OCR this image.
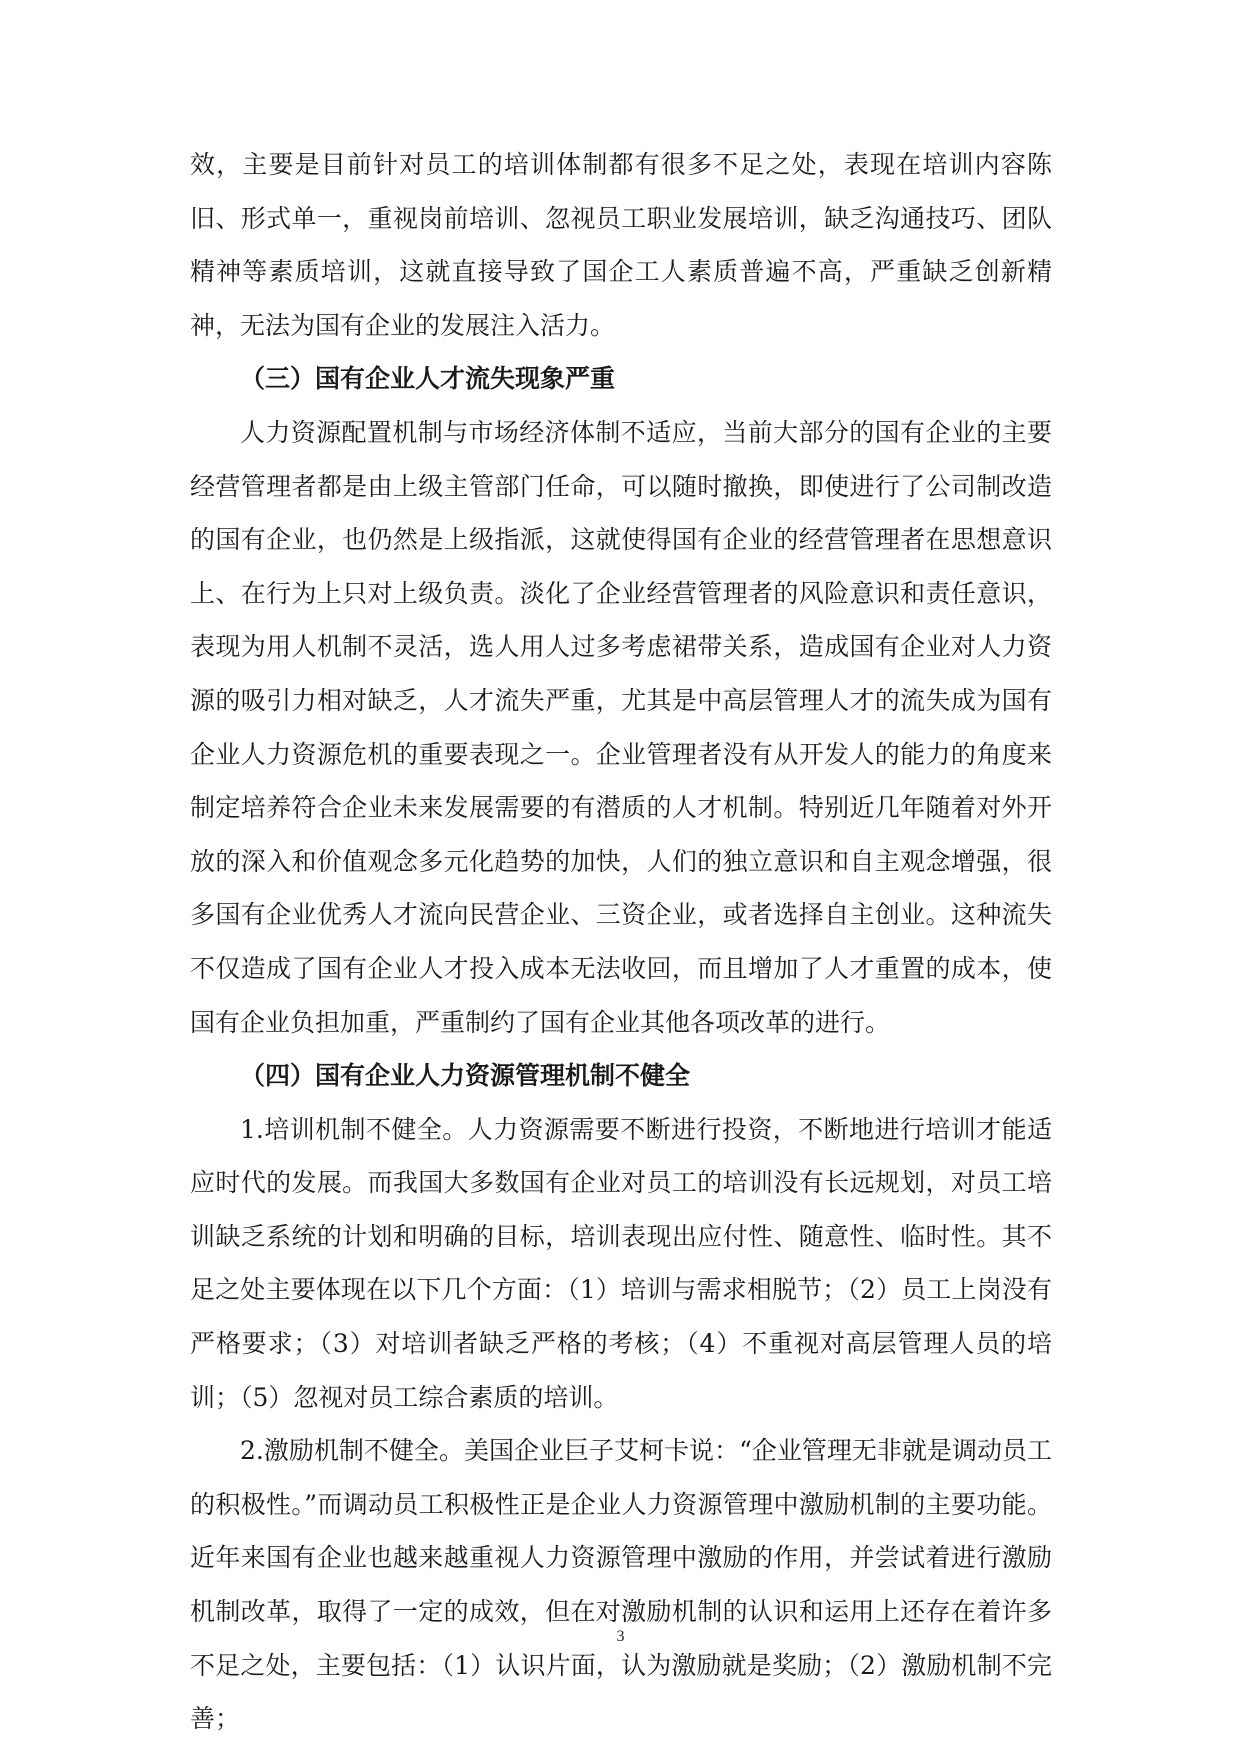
效，主要是目前针对员工的培训体制都有很多不足之处，表现在培训内容陈旧、形式单一，重视岗前培训、忽视员工职业发展培训，缺乏沟通技巧、团队精神等素质培训，这就直接导致了国企工人素质普遍不高，严重缺乏创新精神，无法为国有企业的发展注入活力。

（三）国有企业人才流失现象严重

人力资源配置机制与市场经济体制不适应，当前大部分的国有企业的主要经营管理者都是由上级主管部门任命，可以随时撤换，即使进行了公司制改造的国有企业，也仍然是上级指派，这就使得国有企业的经营管理者在思想意识上、在行为上只对上级负责。淡化了企业经营管理者的风险意识和责任意识，表现为用人机制不灵活，选人用人过多考虑裙带关系，造成国有企业对人力资源的吸引力相对缺乏，人才流失严重，尤其是中高层管理人才的流失成为国有企业人力资源危机的重要表现之一。企业管理者没有从开发人的能力的角度来制定培养符合企业未来发展需要的有潜质的人才机制。特别近几年随着对外开放的深入和价值观念多元化趋势的加快，人们的独立意识和自主观念增强，很多国有企业优秀人才流向民营企业、三资企业，或者选择自主创业。这种流失不仅造成了国有企业人才投入成本无法收回，而且增加了人才重置的成本，使国有企业负担加重，严重制约了国有企业其他各项改革的进行。

（四）国有企业人力资源管理机制不健全

1.培训机制不健全。人力资源需要不断进行投资，不断地进行培训才能适应时代的发展。而我国大多数国有企业对员工的培训没有长远规划，对员工培训缺乏系统的计划和明确的目标，培训表现出应付性、随意性、临时性。其不足之处主要体现在以下几个方面：（1）培训与需求相脱节；（2）员工上岗没有严格要求；（3）对培训者缺乏严格的考核；（4）不重视对高层管理人员的培训；（5）忽视对员工综合素质的培训。

2.激励机制不健全。美国企业巨子艾柯卡说：“企业管理无非就是调动员工的积极性。”而调动员工积极性正是企业人力资源管理中激励机制的主要功能。近年来国有企业也越来越重视人力资源管理中激励的作用，并尝试着进行激励机制改革，取得了一定的成效，但在对激励机制的认识和运用上还存在着许多不足之处，主要包括：（1）认识片面，认为激励就是奖励；（2）激励机制不完善；

3
